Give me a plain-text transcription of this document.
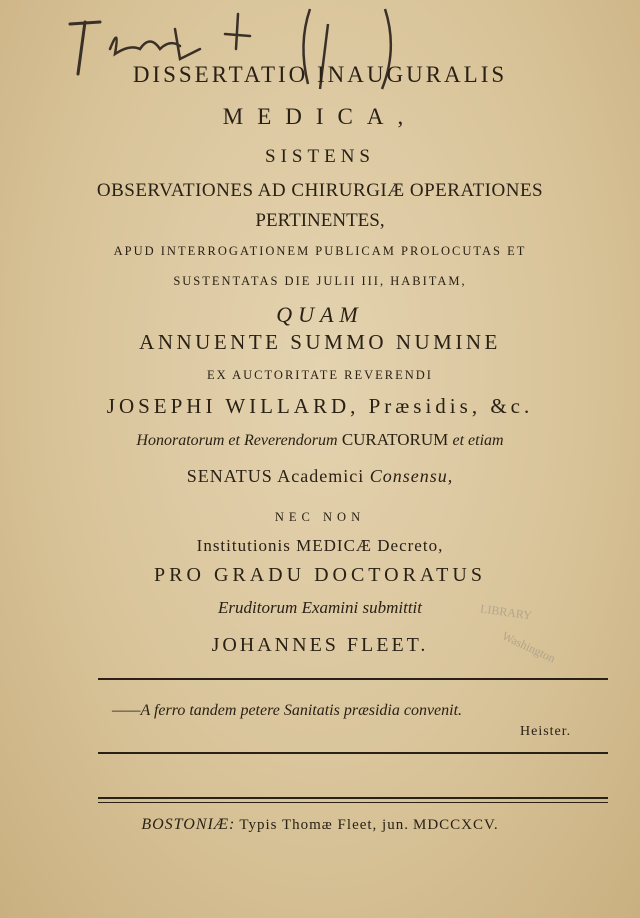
DISSERTATIO INAUGURALIS
MEDICA,
SISTENS
OBSERVATIONES AD CHIRURGIÆ OPERATIONES
PERTINENTES,
APUD INTERROGATIONEM PUBLICAM PROLOCUTAS ET
SUSTENTATAS DIE JULII III, HABITAM,
QUAM
ANNUENTE SUMMO NUMINE
EX AUCTORITATE REVERENDI
JOSEPHI WILLARD, Præsidis, &c.
Honoratorum et Reverendorum CURATORUM et etiam
SENATUS Academici Consensu,
NEC NON
Institutionis MEDICÆ Decreto,
PRO GRADU DOCTORATUS
Eruditorum Examini submittit
JOHANNES FLEET.
LIBRARY
Washington
——A ferro tandem petere Sanitatis præsidia convenit.
Heister.
BOSTONIÆ: Typis Thomæ Fleet, jun. MDCCXCV.
